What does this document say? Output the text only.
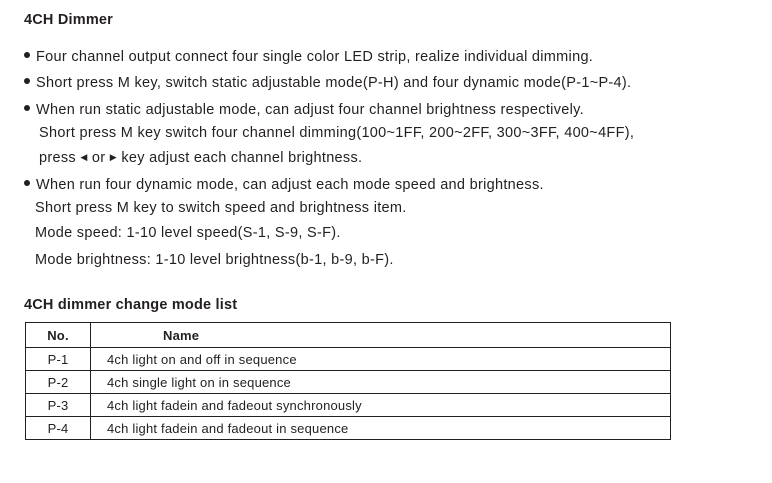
4CH Dimmer
Four channel output connect four single color LED strip, realize individual dimming.
Short press M key, switch static adjustable mode(P-H) and four dynamic mode(P-1~P-4).
When run static adjustable mode, can adjust four channel brightness respectively.
Short press M key switch four channel dimming(100~1FF, 200~2FF, 300~3FF, 400~4FF),
press ◀ or ▶ key adjust each channel brightness.
When run four dynamic mode, can adjust each mode speed and brightness.
Short press M key to switch speed and brightness item.
Mode speed: 1-10 level speed(S-1, S-9, S-F).
Mode brightness: 1-10 level brightness(b-1, b-9, b-F).
4CH dimmer change mode list
No.	Name
P-1	4ch light on and off in sequence
P-2	4ch single light on in sequence
P-3	4ch light fadein and fadeout synchronously
P-4	4ch light fadein and fadeout in sequence
